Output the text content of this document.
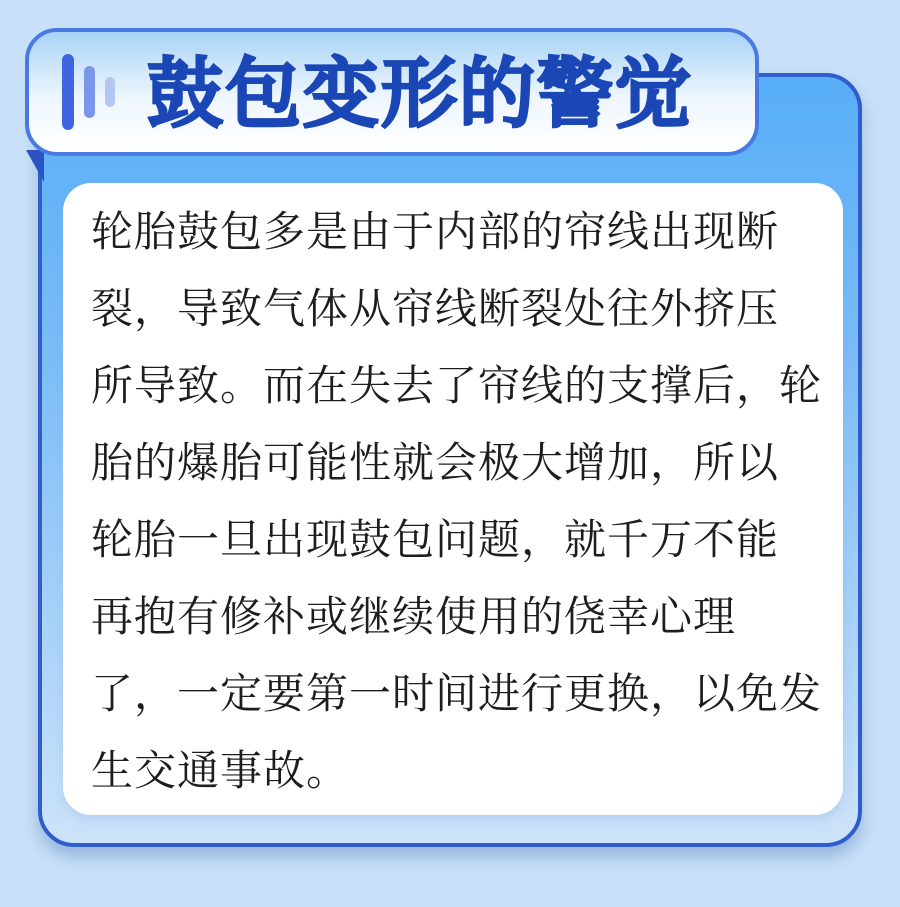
鼓包变形的警觉
轮胎鼓包多是由于内部的帘线出现断
裂，导致气体从帘线断裂处往外挤压
所导致。而在失去了帘线的支撑后，轮
胎的爆胎可能性就会极大增加，所以
轮胎一旦出现鼓包问题，就千万不能
再抱有修补或继续使用的侥幸心理
了，一定要第一时间进行更换，以免发
生交通事故。
